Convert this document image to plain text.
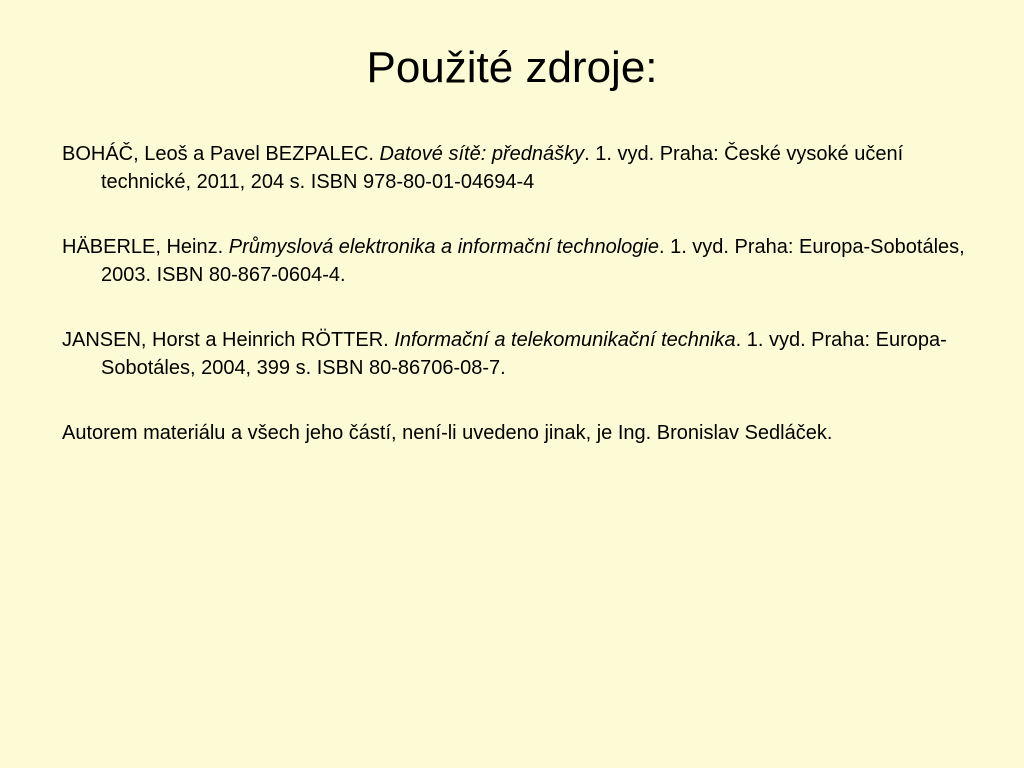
Použité zdroje:

BOHÁČ, Leoš a Pavel BEZPALEC. Datové sítě: přednášky. 1. vyd. Praha: České vysoké učení technické, 2011, 204 s. ISBN 978-80-01-04694-4

HÄBERLE, Heinz. Průmyslová elektronika a informační technologie. 1. vyd. Praha: Europa-Sobotáles, 2003. ISBN 80-867-0604-4.

JANSEN, Horst a Heinrich RÖTTER. Informační a telekomunikační technika. 1. vyd. Praha: Europa-Sobotáles, 2004, 399 s. ISBN 80-86706-08-7.

Autorem materiálu a všech jeho částí, není-li uvedeno jinak, je Ing. Bronislav Sedláček.
